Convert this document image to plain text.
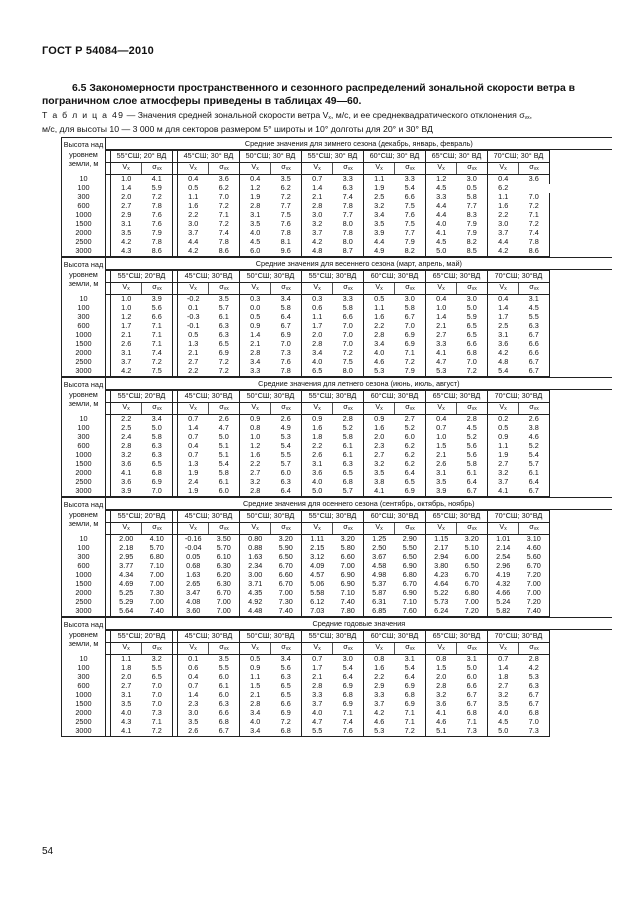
ГОСТ Р 54084—2010
6.5 Закономерности пространственного и сезонного распределений зональной скорости ветра в пограничном слое атмосферы приведены в таблицах 49—60.
Т а б л и ц а 49 — Значения средней зональной скорости ветра $V_x$, м/с, и ее среднеквадратического отклонения $\sigma_{vx}$,
м/с, для высоты 10 — 3 000 м для секторов размером 5° широты и 10° долготы для 20° и 30° ВД
Высота над уровнем земли, м	Средние значения для зимнего сезона (декабрь, январь, февраль)															

		55°СШ; 20° ВД			45°СШ; 30° ВД		50°СШ; 30° ВД		55°СШ; 30° ВД		60°СШ; 30° ВД		65°СШ; 30° ВД		70°СШ; 30° ВД	
		$V_x$	$\sigma_{vx}$		$V_x$	$\sigma_{vx}$	$V_x$	$\sigma_{vx}$	$V_x$	$\sigma_{vx}$	$V_x$	$\sigma_{vx}$	$V_x$	$\sigma_{vx}$	$V_x$	$\sigma_{vx}$
10		1.0	4.1		0.4	3.6	0.4	3.5	0.7	3.3	1.1	3.3	1.2	3.0	0.4	3.6
100		1.4	5.9		0.5	6.2	1.2	6.2	1.4	6.3	1.9	5.4	4.5	0.5	6.2	
300		2.0	7.2		1.1	7.0	1.9	7.2	2.1	7.4	2.5	6.6	3.3	5.8	1.1	7.0
600		2.7	7.8		1.6	7.2	2.8	7.7	2.8	7.8	3.2	7.5	4.4	7.7	1.6	7.2
1000		2.9	7.6		2.2	7.1	3.1	7.5	3.0	7.7	3.4	7.6	4.4	8.3	2.2	7.1
1500		3.1	7.6		3.0	7.2	3.5	7.6	3.2	8.0	3.5	7.5	4.0	7.9	3.0	7.2
2000		3.5	7.9		3.7	7.4	4.0	7.8	3.7	7.8	3.9	7.7	4.1	7.9	3.7	7.4
2500		4.2	7.8		4.4	7.8	4.5	8.1	4.2	8.0	4.4	7.9	4.5	8.2	4.4	7.8
3000		4.3	8.6		4.2	8.6	6.0	9.6	4.8	8.7	4.9	8.2	5.0	8.5	4.2	8.6
Высота над уровнем земли, м	Средние значения для весеннего сезона (март, апрель, май)															

		55°СШ; 20°ВД			45°СШ; 30°ВД		50°СШ; 30°ВД		55°СШ; 30°ВД		60°СШ; 30°ВД		65°СШ; 30°ВД		70°СШ; 30°ВД	
		$V_x$	$\sigma_{vx}$		$V_x$	$\sigma_{vx}$	$V_x$	$\sigma_{vx}$	$V_x$	$\sigma_{vx}$	$V_x$	$\sigma_{vx}$	$V_x$	$\sigma_{vx}$	$V_x$	$\sigma_{vx}$
10		1.0	3.9		-0.2	3.5	0.3	3.4	0.3	3.3	0.5	3.0	0.4	3.0	0.4	3.1
100		1.0	5.6		0.1	5.7	0.0	5.8	0.6	5.8	1.1	5.8	1.0	5.0	1.4	4.5
300		1.2	6.6		-0.3	6.1	0.5	6.4	1.1	6.6	1.6	6.7	1.4	5.9	1.7	5.5
600		1.7	7.1		-0.1	6.3	0.9	6.7	1.7	7.0	2.2	7.0	2.1	6.5	2.5	6.3
1000		2.1	7.1		0.5	6.3	1.4	6.9	2.0	7.0	2.8	6.9	2.7	6.5	3.1	6.7
1500		2.6	7.1		1.3	6.5	2.1	7.0	2.8	7.0	3.4	6.9	3.3	6.6	3.6	6.6
2000		3.1	7.4		2.1	6.9	2.8	7.3	3.4	7.2	4.0	7.1	4.1	6.8	4.2	6.6
2500		3.7	7.2		2.7	7.2	3.4	7.6	4.0	7.5	4.6	7.2	4.7	7.0	4.8	6.7
3000		4.2	7.5		2.2	7.2	3.3	7.8	6.5	8.0	5.3	7.9	5.3	7.2	5.4	6.7
Высота над уровнем земли, м	Средние значения для летнего сезона (июнь, июль, август)															

		55°СШ; 20°ВД			45°СШ; 30°ВД		50°СШ; 30°ВД		55°СШ; 30°ВД		60°СШ; 30°ВД		65°СШ; 30°ВД		70°СШ; 30°ВД	
		$V_x$	$\sigma_{vx}$		$V_x$	$\sigma_{vx}$	$V_x$	$\sigma_{vx}$	$V_x$	$\sigma_{vx}$	$V_x$	$\sigma_{vx}$	$V_x$	$\sigma_{vx}$	$V_x$	$\sigma_{vx}$
10		2.2	3.4		0.7	2.6	0.9	2.6	0.9	2.8	0.9	2.7	0.4	2.8	0.2	2.6
100		2.5	5.0		1.4	4.7	0.8	4.9	1.6	5.2	1.6	5.2	0.7	4.5	0.5	3.8
300		2.4	5.8		0.7	5.0	1.0	5.3	1.8	5.8	2.0	6.0	1.0	5.2	0.9	4.6
600		2.8	6.3		0.4	5.1	1.2	5.4	2.2	6.1	2.3	6.2	1.5	5.6	1.1	5.2
1000		3.2	6.3		0.7	5.1	1.6	5.5	2.6	6.1	2.7	6.2	2.1	5.6	1.9	5.4
1500		3.6	6.5		1.3	5.4	2.2	5.7	3.1	6.3	3.2	6.2	2.6	5.8	2.7	5.7
2000		4.1	6.8		1.9	5.8	2.7	6.0	3.6	6.5	3.5	6.4	3.1	6.1	3.2	6.1
2500		3.6	6.9		2.4	6.1	3.2	6.3	4.0	6.8	3.8	6.5	3.5	6.4	3.7	6.4
3000		3.9	7.0		1.9	6.0	2.8	6.4	5.0	5.7	4.1	6.9	3.9	6.7	4.1	6.7
Высота над уровнем земли, м	Средние значения для осеннего сезона (сентябрь, октябрь, ноябрь)															

		55°СШ; 20°ВД			45°СШ; 30°ВД		50°СШ; 30°ВД		55°СШ; 30°ВД		60°СШ; 30°ВД		65°СШ; 30°ВД		70°СШ; 30°ВД	
		$V_x$	$\sigma_{vx}$		$V_x$	$\sigma_{vx}$	$V_x$	$\sigma_{vx}$	$V_x$	$\sigma_{vx}$	$V_x$	$\sigma_{vx}$	$V_x$	$\sigma_{vx}$	$V_x$	$\sigma_{vx}$
10		2.00	4.10		-0.16	3.50	0.80	3.20	1.11	3.20	1.25	2.90	1.15	3.20	1.01	3.10
100		2.18	5.70		-0.04	5.70	0.88	5.90	2.15	5.80	2.50	5.50	2.17	5.10	2.14	4.60
300		2.95	6.80		0.05	6.10	1.63	6.50	3.12	6.60	3.67	6.50	2.94	6.00	2.54	5.60
600		3.77	7.10		0.68	6.30	2.34	6.70	4.09	7.00	4.58	6.90	3.80	6.50	2.96	6.70
1000		4.34	7.00		1.63	6.20	3.00	6.60	4.57	6.90	4.98	6.80	4.23	6.70	4.19	7.20
1500		4.69	7.00		2.65	6.30	3.71	6.70	5.06	6.90	5.37	6.70	4.64	6.70	4.32	7.00
2000		5.25	7.30		3.47	6.70	4.35	7.00	5.58	7.10	5.87	6.90	5.22	6.80	4.66	7.00
2500		5.29	7.00		4.08	7.00	4.92	7.30	6.12	7.40	6.31	7.10	5.73	7.00	5.24	7.20
3000		5.64	7.40		3.60	7.00	4.48	7.40	7.03	7.80	6.85	7.60	6.24	7.20	5.82	7.40
Высота над уровнем земли, м	Средние годовые значения															

		55°СШ; 20°ВД			45°СШ; 30°ВД		50°СШ; 30°ВД		55°СШ; 30°ВД		60°СШ; 30°ВД		65°СШ; 30°ВД		70°СШ; 30°ВД	
		$V_x$	$\sigma_{vx}$		$V_x$	$\sigma_{vx}$	$V_x$	$\sigma_{vx}$	$V_x$	$\sigma_{vx}$	$V_x$	$\sigma_{vx}$	$V_x$	$\sigma_{vx}$	$V_x$	$\sigma_{vx}$
10		1.1	3.2		0.1	3.5	0.5	3.4	0.7	3.0	0.8	3.1	0.8	3.1	0.7	2.8
100		1.8	5.5		0.6	5.5	0.9	5.6	1.7	5.4	1.6	5.4	1.5	5.0	1.4	4.2
300		2.0	6.5		0.4	6.0	1.1	6.3	2.1	6.4	2.2	6.4	2.0	6.0	1.8	5.3
600		2.7	7.0		0.7	6.1	1.5	6.5	2.8	6.9	2.9	6.9	2.8	6.6	2.7	6.3
1000		3.1	7.0		1.4	6.0	2.1	6.5	3.3	6.8	3.3	6.8	3.2	6.7	3.2	6.7
1500		3.5	7.0		2.3	6.3	2.8	6.6	3.7	6.9	3.7	6.9	3.6	6.7	3.5	6.7
2000		4.0	7.3		3.0	6.6	3.4	6.9	4.0	7.1	4.2	7.1	4.1	6.8	4.0	6.8
2500		4.3	7.1		3.5	6.8	4.0	7.2	4.7	7.4	4.6	7.1	4.6	7.1	4.5	7.0
3000		4.1	7.2		2.6	6.7	3.4	6.8	5.5	7.6	5.3	7.2	5.1	7.3	5.0	7.3
54
